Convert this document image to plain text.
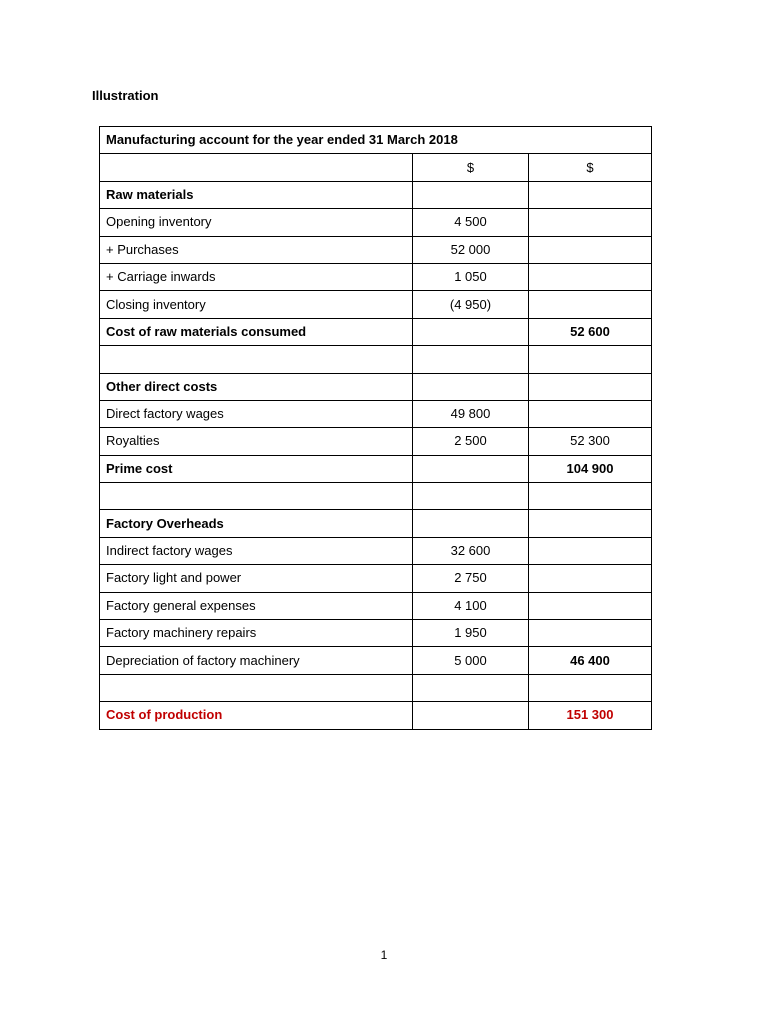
Illustration
Manufacturing account for the year ended 31 March 2018		
	$	$
Raw materials		
Opening inventory	4 500	
+ Purchases	52 000	
+ Carriage inwards	1 050	
Closing inventory	(4 950)	
Cost of raw materials consumed		52 600

Other direct costs		
Direct factory wages	49 800	
Royalties	2 500	52 300
Prime cost		104 900

Factory Overheads		
Indirect factory wages	32 600	
Factory light and power	2 750	
Factory general expenses	4 100	
Factory machinery repairs	1 950	
Depreciation of factory machinery	5 000	46 400

Cost of production		151 300
1
